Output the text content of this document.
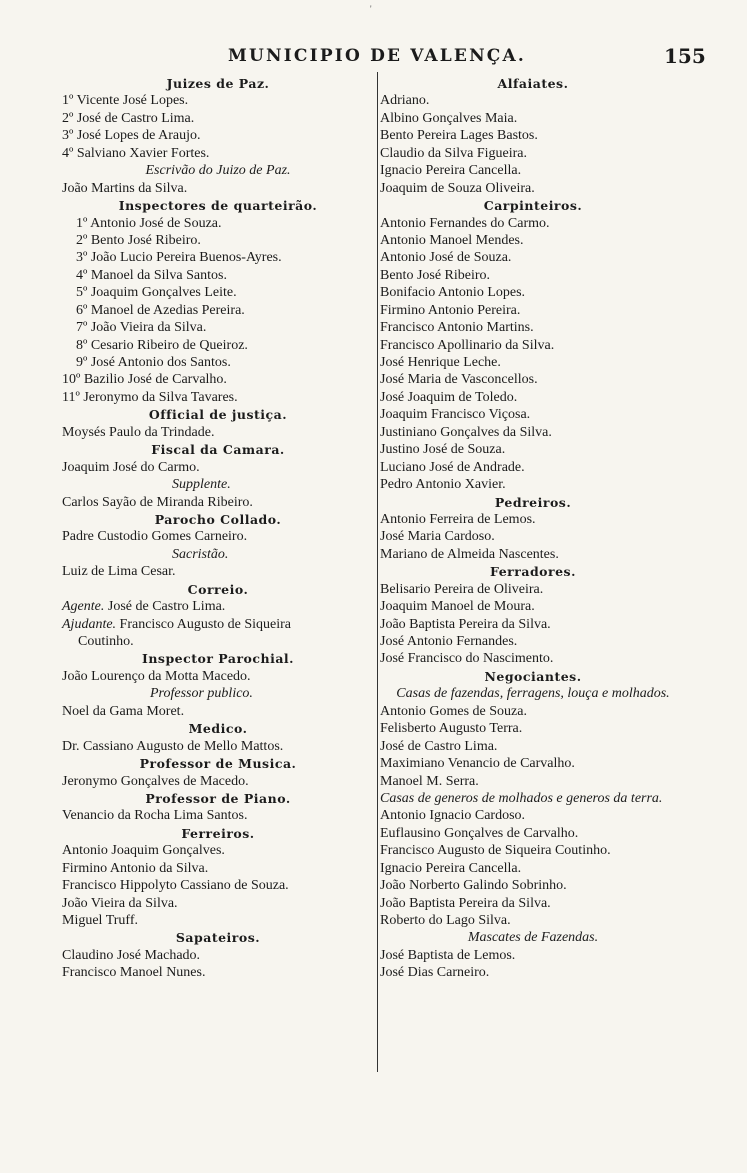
'
MUNICIPIO DE VALENÇA.	155
Juizes de Paz.
1º Vicente José Lopes.
2º José de Castro Lima.
3º José Lopes de Araujo.
4º Salviano Xavier Fortes.
Escrivão do Juizo de Paz.
João Martins da Silva.
Inspectores de quarteirão.
1º Antonio José de Souza.
2º Bento José Ribeiro.
3º João Lucio Pereira Buenos-Ayres.
4º Manoel da Silva Santos.
5º Joaquim Gonçalves Leite.
6º Manoel de Azedias Pereira.
7º João Vieira da Silva.
8º Cesario Ribeiro de Queiroz.
9º José Antonio dos Santos.
10º Bazilio José de Carvalho.
11º Jeronymo da Silva Tavares.
Official de justiça.
Moysés Paulo da Trindade.
Fiscal da Camara.
Joaquim José do Carmo.
Supplente.
Carlos Sayão de Miranda Ribeiro.
Parocho Collado.
Padre Custodio Gomes Carneiro.
Sacristão.
Luiz de Lima Cesar.
Correio.
Agente. José de Castro Lima.
Ajudante. Francisco Augusto de Siqueira
Coutinho.
Inspector Parochial.
João Lourenço da Motta Macedo.
Professor publico.
Noel da Gama Moret.
Medico.
Dr. Cassiano Augusto de Mello Mattos.
Professor de Musica.
Jeronymo Gonçalves de Macedo.
Professor de Piano.
Venancio da Rocha Lima Santos.
Ferreiros.
Antonio Joaquim Gonçalves.
Firmino Antonio da Silva.
Francisco Hippolyto Cassiano de Souza.
João Vieira da Silva.
Miguel Truff.
Sapateiros.
Claudino José Machado.
Francisco Manoel Nunes.
Alfaiates.
Adriano.
Albino Gonçalves Maia.
Bento Pereira Lages Bastos.
Claudio da Silva Figueira.
Ignacio Pereira Cancella.
Joaquim de Souza Oliveira.
Carpinteiros.
Antonio Fernandes do Carmo.
Antonio Manoel Mendes.
Antonio José de Souza.
Bento José Ribeiro.
Bonifacio Antonio Lopes.
Firmino Antonio Pereira.
Francisco Antonio Martins.
Francisco Apollinario da Silva.
José Henrique Leche.
José Maria de Vasconcellos.
José Joaquim de Toledo.
Joaquim Francisco Viçosa.
Justiniano Gonçalves da Silva.
Justino José de Souza.
Luciano José de Andrade.
Pedro Antonio Xavier.
Pedreiros.
Antonio Ferreira de Lemos.
José Maria Cardoso.
Mariano de Almeida Nascentes.
Ferradores.
Belisario Pereira de Oliveira.
Joaquim Manoel de Moura.
João Baptista Pereira da Silva.
José Antonio Fernandes.
José Francisco do Nascimento.
Negociantes.
Casas de fazendas, ferragens, louça e molhados.
Antonio Gomes de Souza.
Felisberto Augusto Terra.
José de Castro Lima.
Maximiano Venancio de Carvalho.
Manoel M. Serra.
Casas de generos de molhados e generos da terra.
Antonio Ignacio Cardoso.
Euflausino Gonçalves de Carvalho.
Francisco Augusto de Siqueira Coutinho.
Ignacio Pereira Cancella.
João Norberto Galindo Sobrinho.
João Baptista Pereira da Silva.
Roberto do Lago Silva.
Mascates de Fazendas.
José Baptista de Lemos.
José Dias Carneiro.
